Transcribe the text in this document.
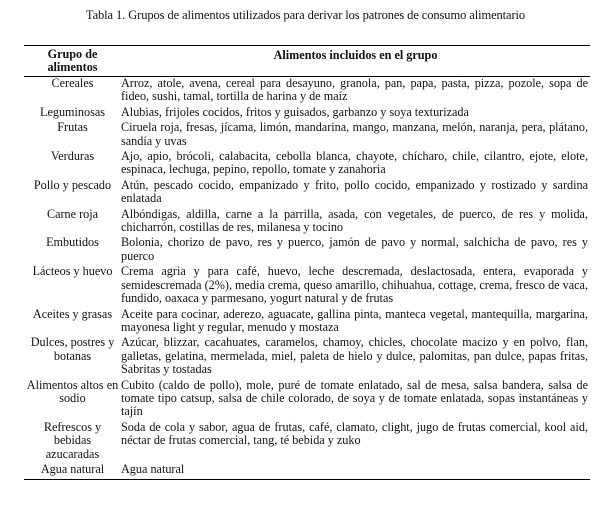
Tabla 1. Grupos de alimentos utilizados para derivar los patrones de consumo alimentario
Grupo de alimentos	Alimentos incluidos en el grupo
Cereales	Arroz, atole, avena, cereal para desayuno, granola, pan, papa, pasta, pizza, pozole, sopa de fideo, sushi, tamal, tortilla de harina y de maíz
Leguminosas	Alubias, frijoles cocidos, fritos y guisados, garbanzo y soya texturizada
Frutas	Ciruela roja, fresas, jícama, limón, mandarina, mango, manzana, melón, naranja, pera, plátano, sandía y uvas
Verduras	Ajo, apio, brócoli, calabacita, cebolla blanca, chayote, chícharo, chile, cilantro, ejote, elote, espinaca, lechuga, pepino, repollo, tomate y zanahoria
Pollo y pescado	Atún, pescado cocido, empanizado y frito, pollo cocido, empanizado y rostizado y sardina enlatada
Carne roja	Albóndigas, aldilla, carne a la parrilla, asada, con vegetales, de puerco, de res y molida, chicharrón, costillas de res, milanesa y tocino
Embutidos	Bolonia, chorizo de pavo, res y puerco, jamón de pavo y normal, salchicha de pavo, res y puerco
Lácteos y huevo	Crema agria y para café, huevo, leche descremada, deslactosada, entera, evaporada y semidescremada (2%), media crema, queso amarillo, chihuahua, cottage, crema, fresco de vaca, fundido, oaxaca y parmesano, yogurt natural y de frutas
Aceites y grasas	Aceite para cocinar, aderezo, aguacate, gallina pinta, manteca vegetal, mantequilla, margarina, mayonesa light y regular, menudo y mostaza
Dulces, postres y botanas	Azúcar, blizzar, cacahuates, caramelos, chamoy, chicles, chocolate macizo y en polvo, flan, galletas, gelatina, mermelada, miel, paleta de hielo y dulce, palomitas, pan dulce, papas fritas, Sabritas y tostadas
Alimentos altos en sodio	Cubito (caldo de pollo), mole, puré de tomate enlatado, sal de mesa, salsa bandera, salsa de tomate tipo catsup, salsa de chile colorado, de soya y de tomate enlatada, sopas instantáneas y tajín
Refrescos y bebidas azucaradas	Soda de cola y sabor, agua de frutas, café, clamato, clight, jugo de frutas comercial, kool aid, néctar de frutas comercial, tang, té bebida y zuko
Agua natural	Agua natural
